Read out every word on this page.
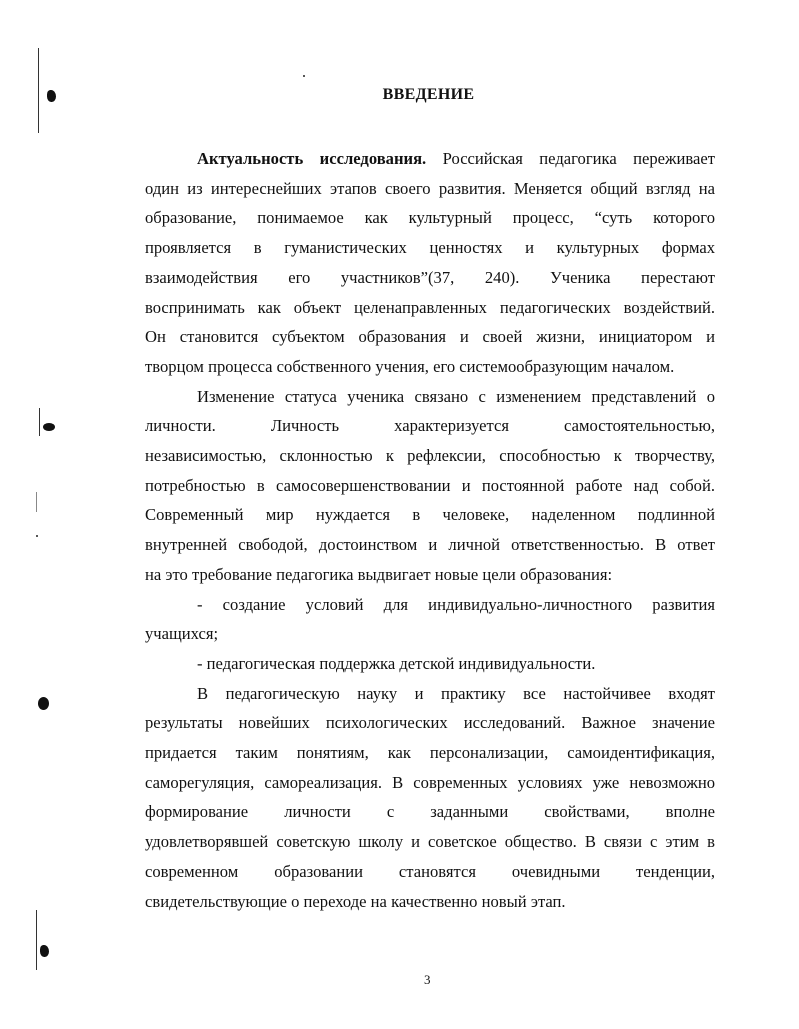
ВВЕДЕНИЕ
Актуальность исследования. Российская педагогика переживает
один из интереснейших этапов своего развития. Меняется общий взгляд на
образование, понимаемое как культурный процесс, “суть которого
проявляется в гуманистических ценностях и культурных формах
взаимодействия его участников”(37, 240). Ученика перестают
воспринимать как объект целенаправленных педагогических воздействий.
Он становится субъектом образования и своей жизни, инициатором и
творцом процесса собственного учения, его системообразующим началом.
Изменение статуса ученика связано с изменением представлений о
личности. Личность характеризуется самостоятельностью,
независимостью, склонностью к рефлексии, способностью к творчеству,
потребностью в самосовершенствовании и постоянной работе над собой.
Современный мир нуждается в человеке, наделенном подлинной
внутренней свободой, достоинством и личной ответственностью. В ответ
на это требование педагогика выдвигает новые цели образования:
- создание условий для индивидуально-личностного развития
учащихся;
- педагогическая поддержка детской индивидуальности.
В педагогическую науку и практику все настойчивее входят
результаты новейших психологических исследований. Важное значение
придается таким понятиям, как персонализации, самоидентификация,
саморегуляция, самореализация. В современных условиях уже невозможно
формирование личности с заданными свойствами, вполне
удовлетворявшей советскую школу и советское общество. В связи с этим в
современном образовании становятся очевидными тенденции,
свидетельствующие о переходе на качественно новый этап.
3
